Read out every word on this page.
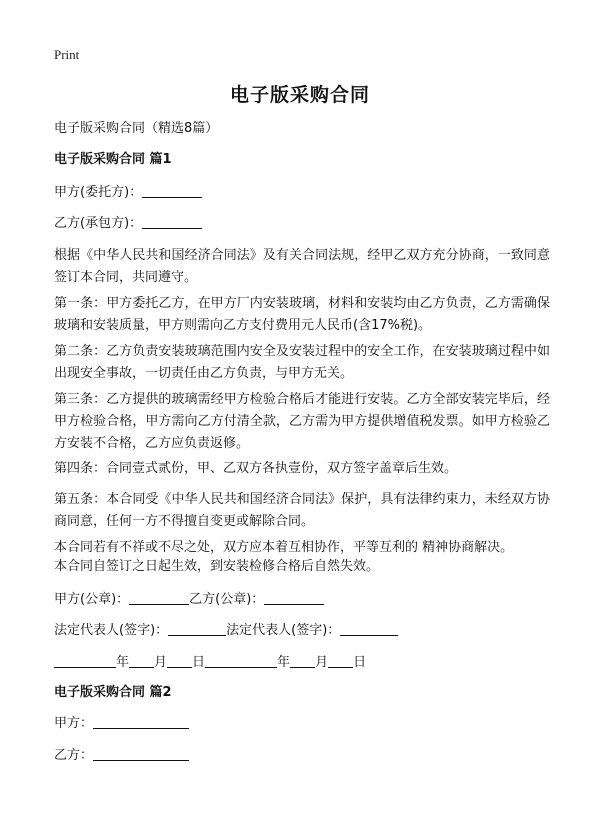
Print
电子版采购合同
电子版采购合同（精选8篇）
电子版采购合同 篇1
甲方(委托方)：
乙方(承包方)：
根据《中华人民共和国经济合同法》及有关合同法规，经甲乙双方充分协商，一致同意签订本合同，共同遵守。
第一条：甲方委托乙方，在甲方厂内安装玻璃，材料和安装均由乙方负责，乙方需确保玻璃和安装质量，甲方则需向乙方支付费用元人民币(含17%税)。
第二条：乙方负责安装玻璃范围内安全及安装过程中的安全工作，在安装玻璃过程中如出现安全事故，一切责任由乙方负责，与甲方无关。
第三条：乙方提供的玻璃需经甲方检验合格后才能进行安装。乙方全部安装完毕后，经甲方检验合格，甲方需向乙方付清全款，乙方需为甲方提供增值税发票。如甲方检验乙方安装不合格，乙方应负责返修。
第四条：合同壹式贰份，甲、乙双方各执壹份，双方签字盖章后生效。
第五条：本合同受《中华人民共和国经济合同法》保护，具有法律约束力，未经双方协商同意，任何一方不得擅自变更或解除合同。
本合同若有不祥或不尽之处，双方应本着互相协作，平等互利的 精神协商解决。
本合同自签订之日起生效，到安装检修合格后自然失效。
甲方(公章)：	乙方(公章)：
法定代表人(签字)：	法定代表人(签字)：
年 月 日	年 月 日
电子版采购合同 篇2
甲方：
乙方：
